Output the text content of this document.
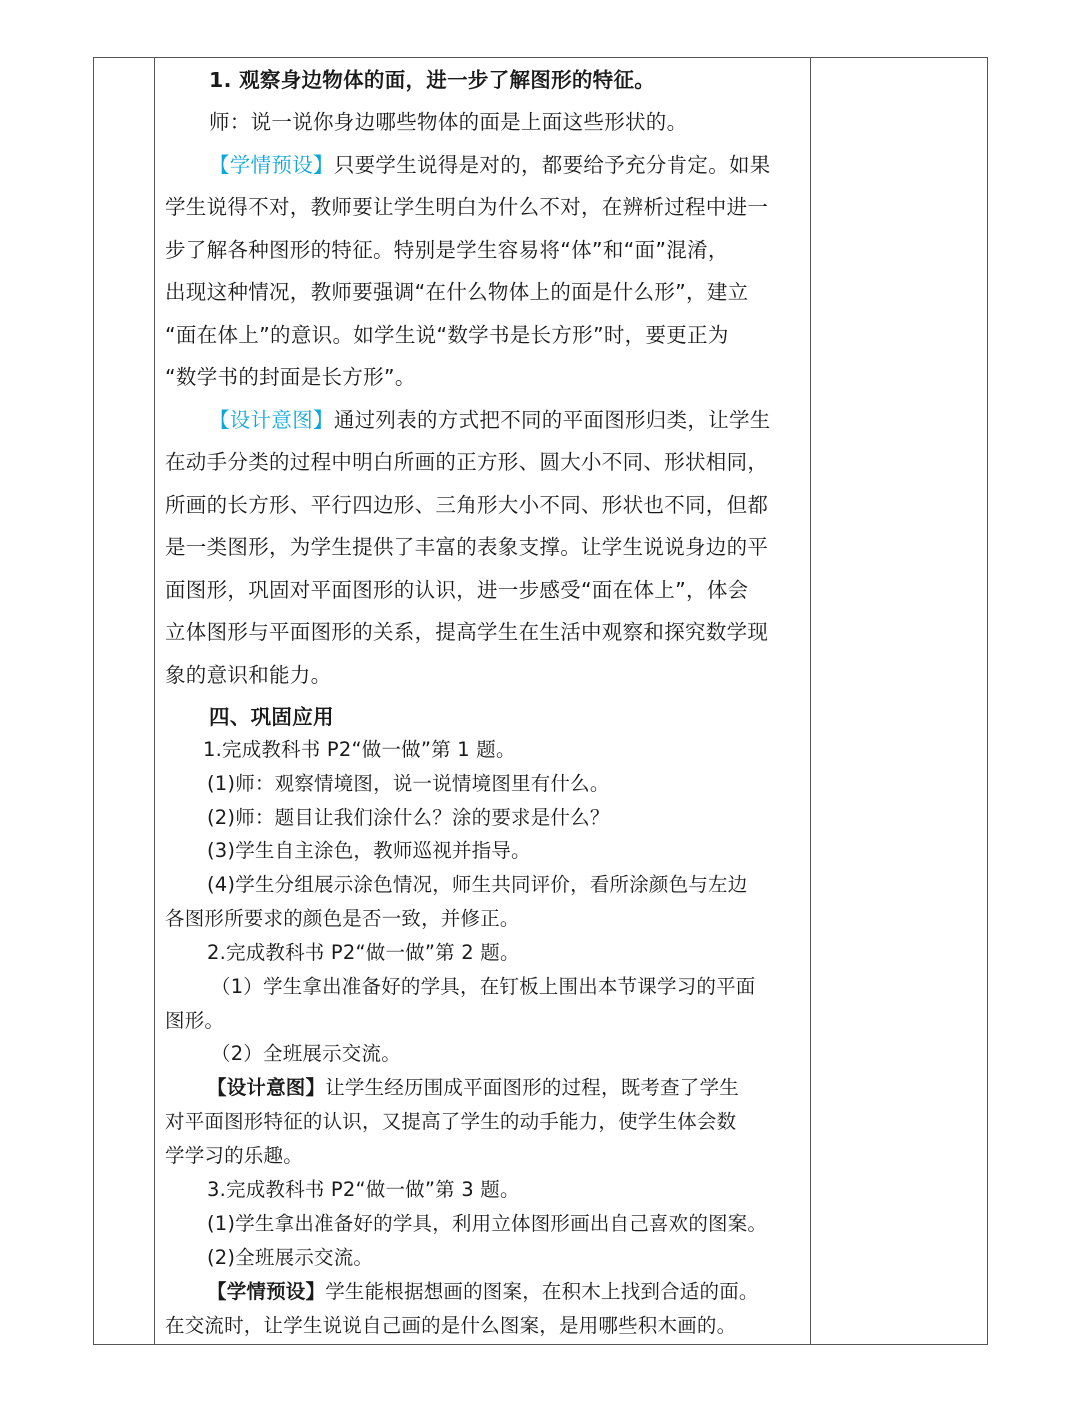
1. 观察身边物体的面，进一步了解图形的特征。
师：说一说你身边哪些物体的面是上面这些形状的。
【学情预设】只要学生说得是对的，都要给予充分肯定。如果
学生说得不对，教师要让学生明白为什么不对，在辨析过程中进一
步了解各种图形的特征。特别是学生容易将“体”和“面”混淆，
出现这种情况，教师要强调“在什么物体上的面是什么形”，建立
“面在体上”的意识。如学生说“数学书是长方形”时，要更正为
“数学书的封面是长方形”。
【设计意图】通过列表的方式把不同的平面图形归类，让学生
在动手分类的过程中明白所画的正方形、圆大小不同、形状相同，
所画的长方形、平行四边形、三角形大小不同、形状也不同，但都
是一类图形，为学生提供了丰富的表象支撑。让学生说说身边的平
面图形，巩固对平面图形的认识，进一步感受“面在体上”，体会
立体图形与平面图形的关系，提高学生在生活中观察和探究数学现
象的意识和能力。
四、巩固应用
1.完成教科书 P2“做一做”第 1 题。
(1)师：观察情境图，说一说情境图里有什么。
(2)师：题目让我们涂什么？涂的要求是什么？
(3)学生自主涂色，教师巡视并指导。
(4)学生分组展示涂色情况，师生共同评价，看所涂颜色与左边
各图形所要求的颜色是否一致，并修正。
2.完成教科书 P2“做一做”第 2 题。
（1）学生拿出准备好的学具，在钉板上围出本节课学习的平面
图形。
（2）全班展示交流。
【设计意图】让学生经历围成平面图形的过程，既考查了学生
对平面图形特征的认识，又提高了学生的动手能力，使学生体会数
学学习的乐趣。
3.完成教科书 P2“做一做”第 3 题。
(1)学生拿出准备好的学具，利用立体图形画出自己喜欢的图案。
(2)全班展示交流。
【学情预设】学生能根据想画的图案，在积木上找到合适的面。
在交流时，让学生说说自己画的是什么图案，是用哪些积木画的。
